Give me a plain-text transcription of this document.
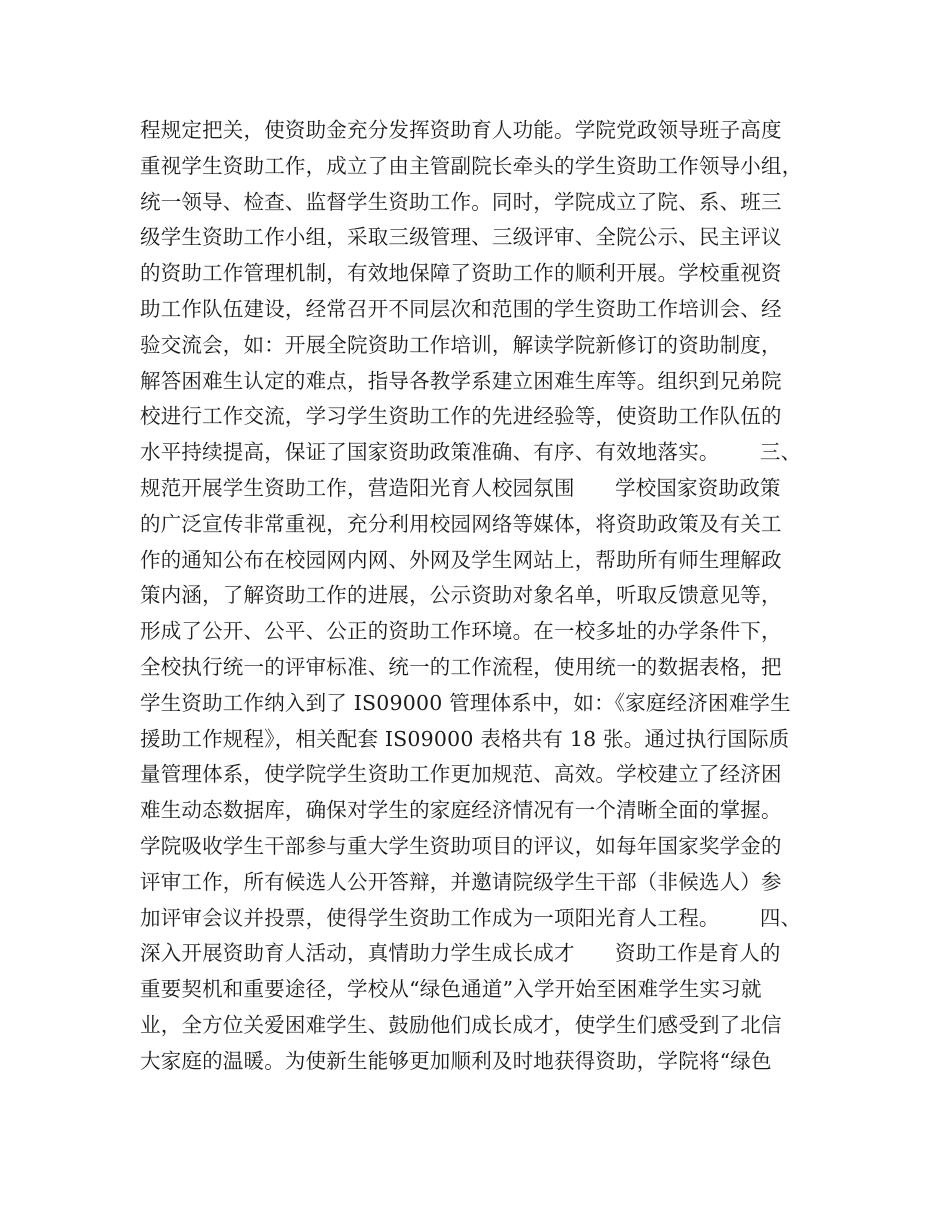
程规定把关，使资助金充分发挥资助育人功能。学院党政领导班子高度
重视学生资助工作，成立了由主管副院长牵头的学生资助工作领导小组，
统一领导、检查、监督学生资助工作。同时，学院成立了院、系、班三
级学生资助工作小组，采取三级管理、三级评审、全院公示、民主评议
的资助工作管理机制，有效地保障了资助工作的顺利开展。学校重视资
助工作队伍建设，经常召开不同层次和范围的学生资助工作培训会、经
验交流会，如：开展全院资助工作培训，解读学院新修订的资助制度，
解答困难生认定的难点，指导各教学系建立困难生库等。组织到兄弟院
校进行工作交流，学习学生资助工作的先进经验等，使资助工作队伍的
水平持续提高，保证了国家资助政策准确、有序、有效地落实。      三、
规范开展学生资助工作，营造阳光育人校园氛围      学校国家资助政策
的广泛宣传非常重视，充分利用校园网络等媒体，将资助政策及有关工
作的通知公布在校园网内网、外网及学生网站上，帮助所有师生理解政
策内涵，了解资助工作的进展，公示资助对象名单，听取反馈意见等，
形成了公开、公平、公正的资助工作环境。在一校多址的办学条件下，
全校执行统一的评审标准、统一的工作流程，使用统一的数据表格，把
学生资助工作纳入到了 IS09000 管理体系中，如：《家庭经济困难学生
援助工作规程》，相关配套 IS09000 表格共有 18 张。通过执行国际质
量管理体系，使学院学生资助工作更加规范、高效。学校建立了经济困
难生动态数据库，确保对学生的家庭经济情况有一个清晰全面的掌握。
学院吸收学生干部参与重大学生资助项目的评议，如每年国家奖学金的
评审工作，所有候选人公开答辩，并邀请院级学生干部（非候选人）参
加评审会议并投票，使得学生资助工作成为一项阳光育人工程。      四、
深入开展资助育人活动，真情助力学生成长成才      资助工作是育人的
重要契机和重要途径，学校从“绿色通道”入学开始至困难学生实习就
业，全方位关爱困难学生、鼓励他们成长成才，使学生们感受到了北信
大家庭的温暖。为使新生能够更加顺利及时地获得资助，学院将“绿色
